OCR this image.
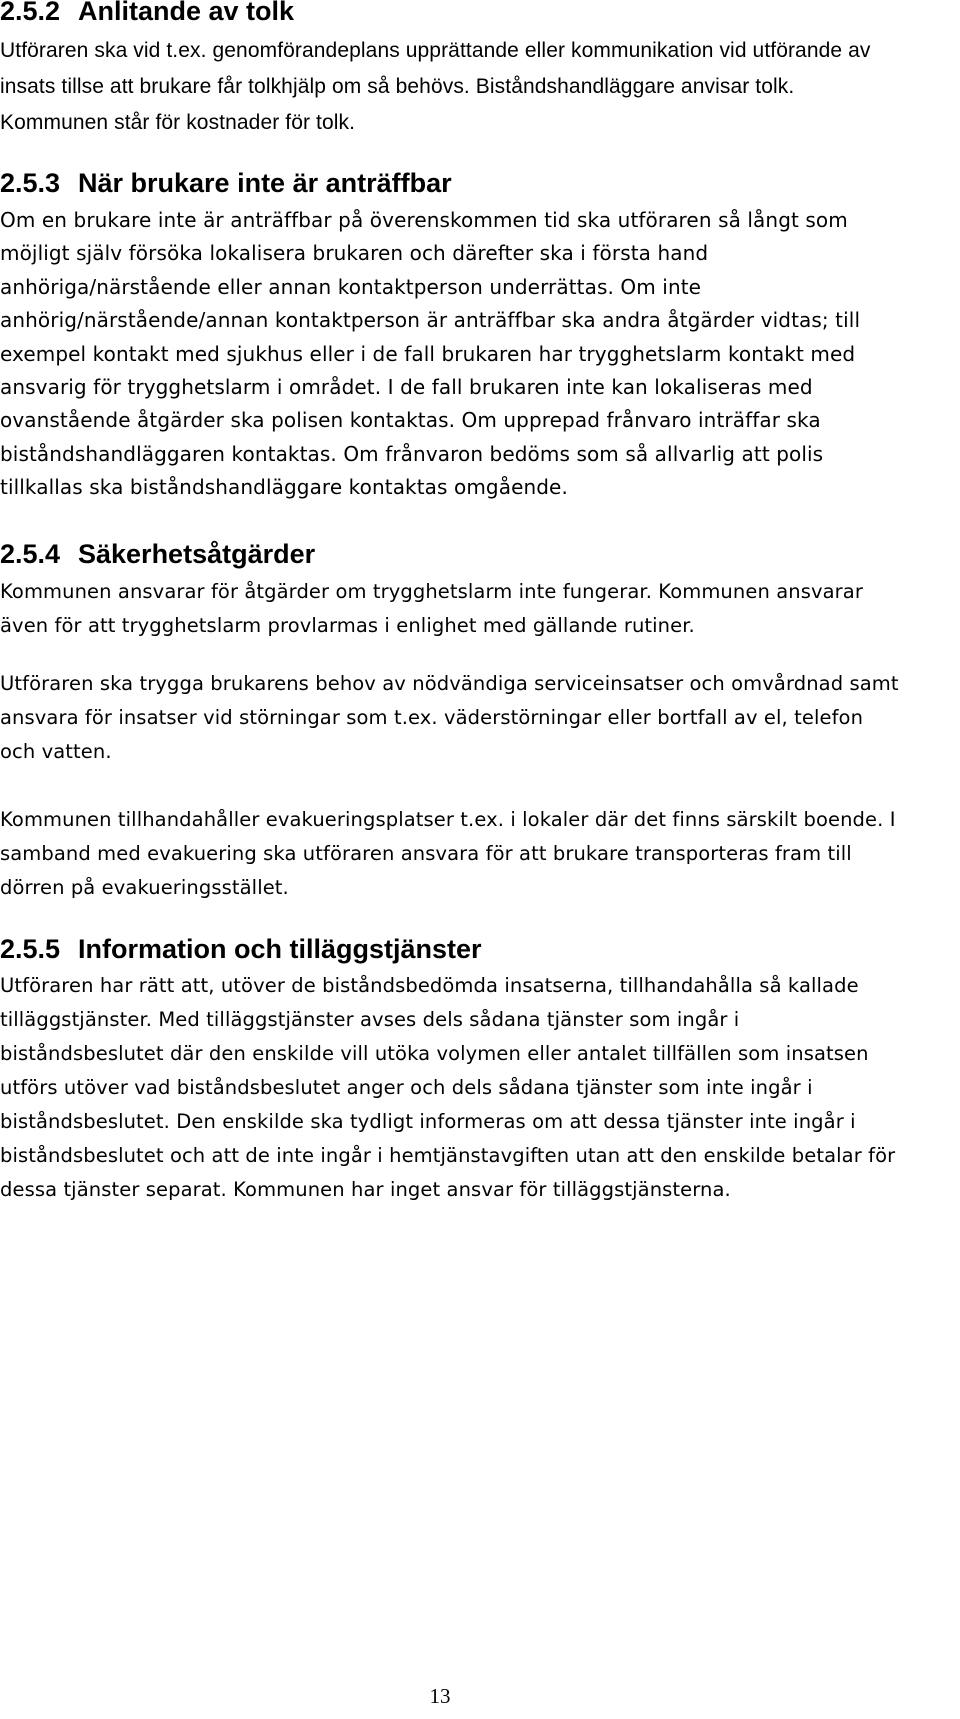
2.5.2 Anlitande av tolk

Utföraren ska vid t.ex. genomförandeplans upprättande eller kommunikation vid utförande av insats tillse att brukare får tolkhjälp om så behövs. Biståndshandläggare anvisar tolk. Kommunen står för kostnader för tolk.

2.5.3 När brukare inte är anträffbar

Om en brukare inte är anträffbar på överenskommen tid ska utföraren så långt som möjligt själv försöka lokalisera brukaren och därefter ska i första hand anhöriga/närstående eller annan kontaktperson underrättas. Om inte anhörig/närstående/annan kontaktperson är anträffbar ska andra åtgärder vidtas; till exempel kontakt med sjukhus eller i de fall brukaren har trygghetslarm kontakt med ansvarig för trygghetslarm i området. I de fall brukaren inte kan lokaliseras med ovanstående åtgärder ska polisen kontaktas. Om upprepad frånvaro inträffar ska biståndshandläggaren kontaktas. Om frånvaron bedöms som så allvarlig att polis tillkallas ska biståndshandläggare kontaktas omgående.

2.5.4 Säkerhetsåtgärder

Kommunen ansvarar för åtgärder om trygghetslarm inte fungerar. Kommunen ansvarar även för att trygghetslarm provlarmas i enlighet med gällande rutiner.

Utföraren ska trygga brukarens behov av nödvändiga serviceinsatser och omvårdnad samt ansvara för insatser vid störningar som t.ex. väderstörningar eller bortfall av el, telefon och vatten.

Kommunen tillhandahåller evakueringsplatser t.ex. i lokaler där det finns särskilt boende. I samband med evakuering ska utföraren ansvara för att brukare transporteras fram till dörren på evakueringsstället.

2.5.5 Information och tilläggstjänster

Utföraren har rätt att, utöver de biståndsbedömda insatserna, tillhandahålla så kallade tilläggstjänster. Med tilläggstjänster avses dels sådana tjänster som ingår i biståndsbeslutet där den enskilde vill utöka volymen eller antalet tillfällen som insatsen utförs utöver vad biståndsbeslutet anger och dels sådana tjänster som inte ingår i biståndsbeslutet. Den enskilde ska tydligt informeras om att dessa tjänster inte ingår i biståndsbeslutet och att de inte ingår i hemtjänstavgiften utan att den enskilde betalar för dessa tjänster separat. Kommunen har inget ansvar för tilläggstjänsterna.

13
